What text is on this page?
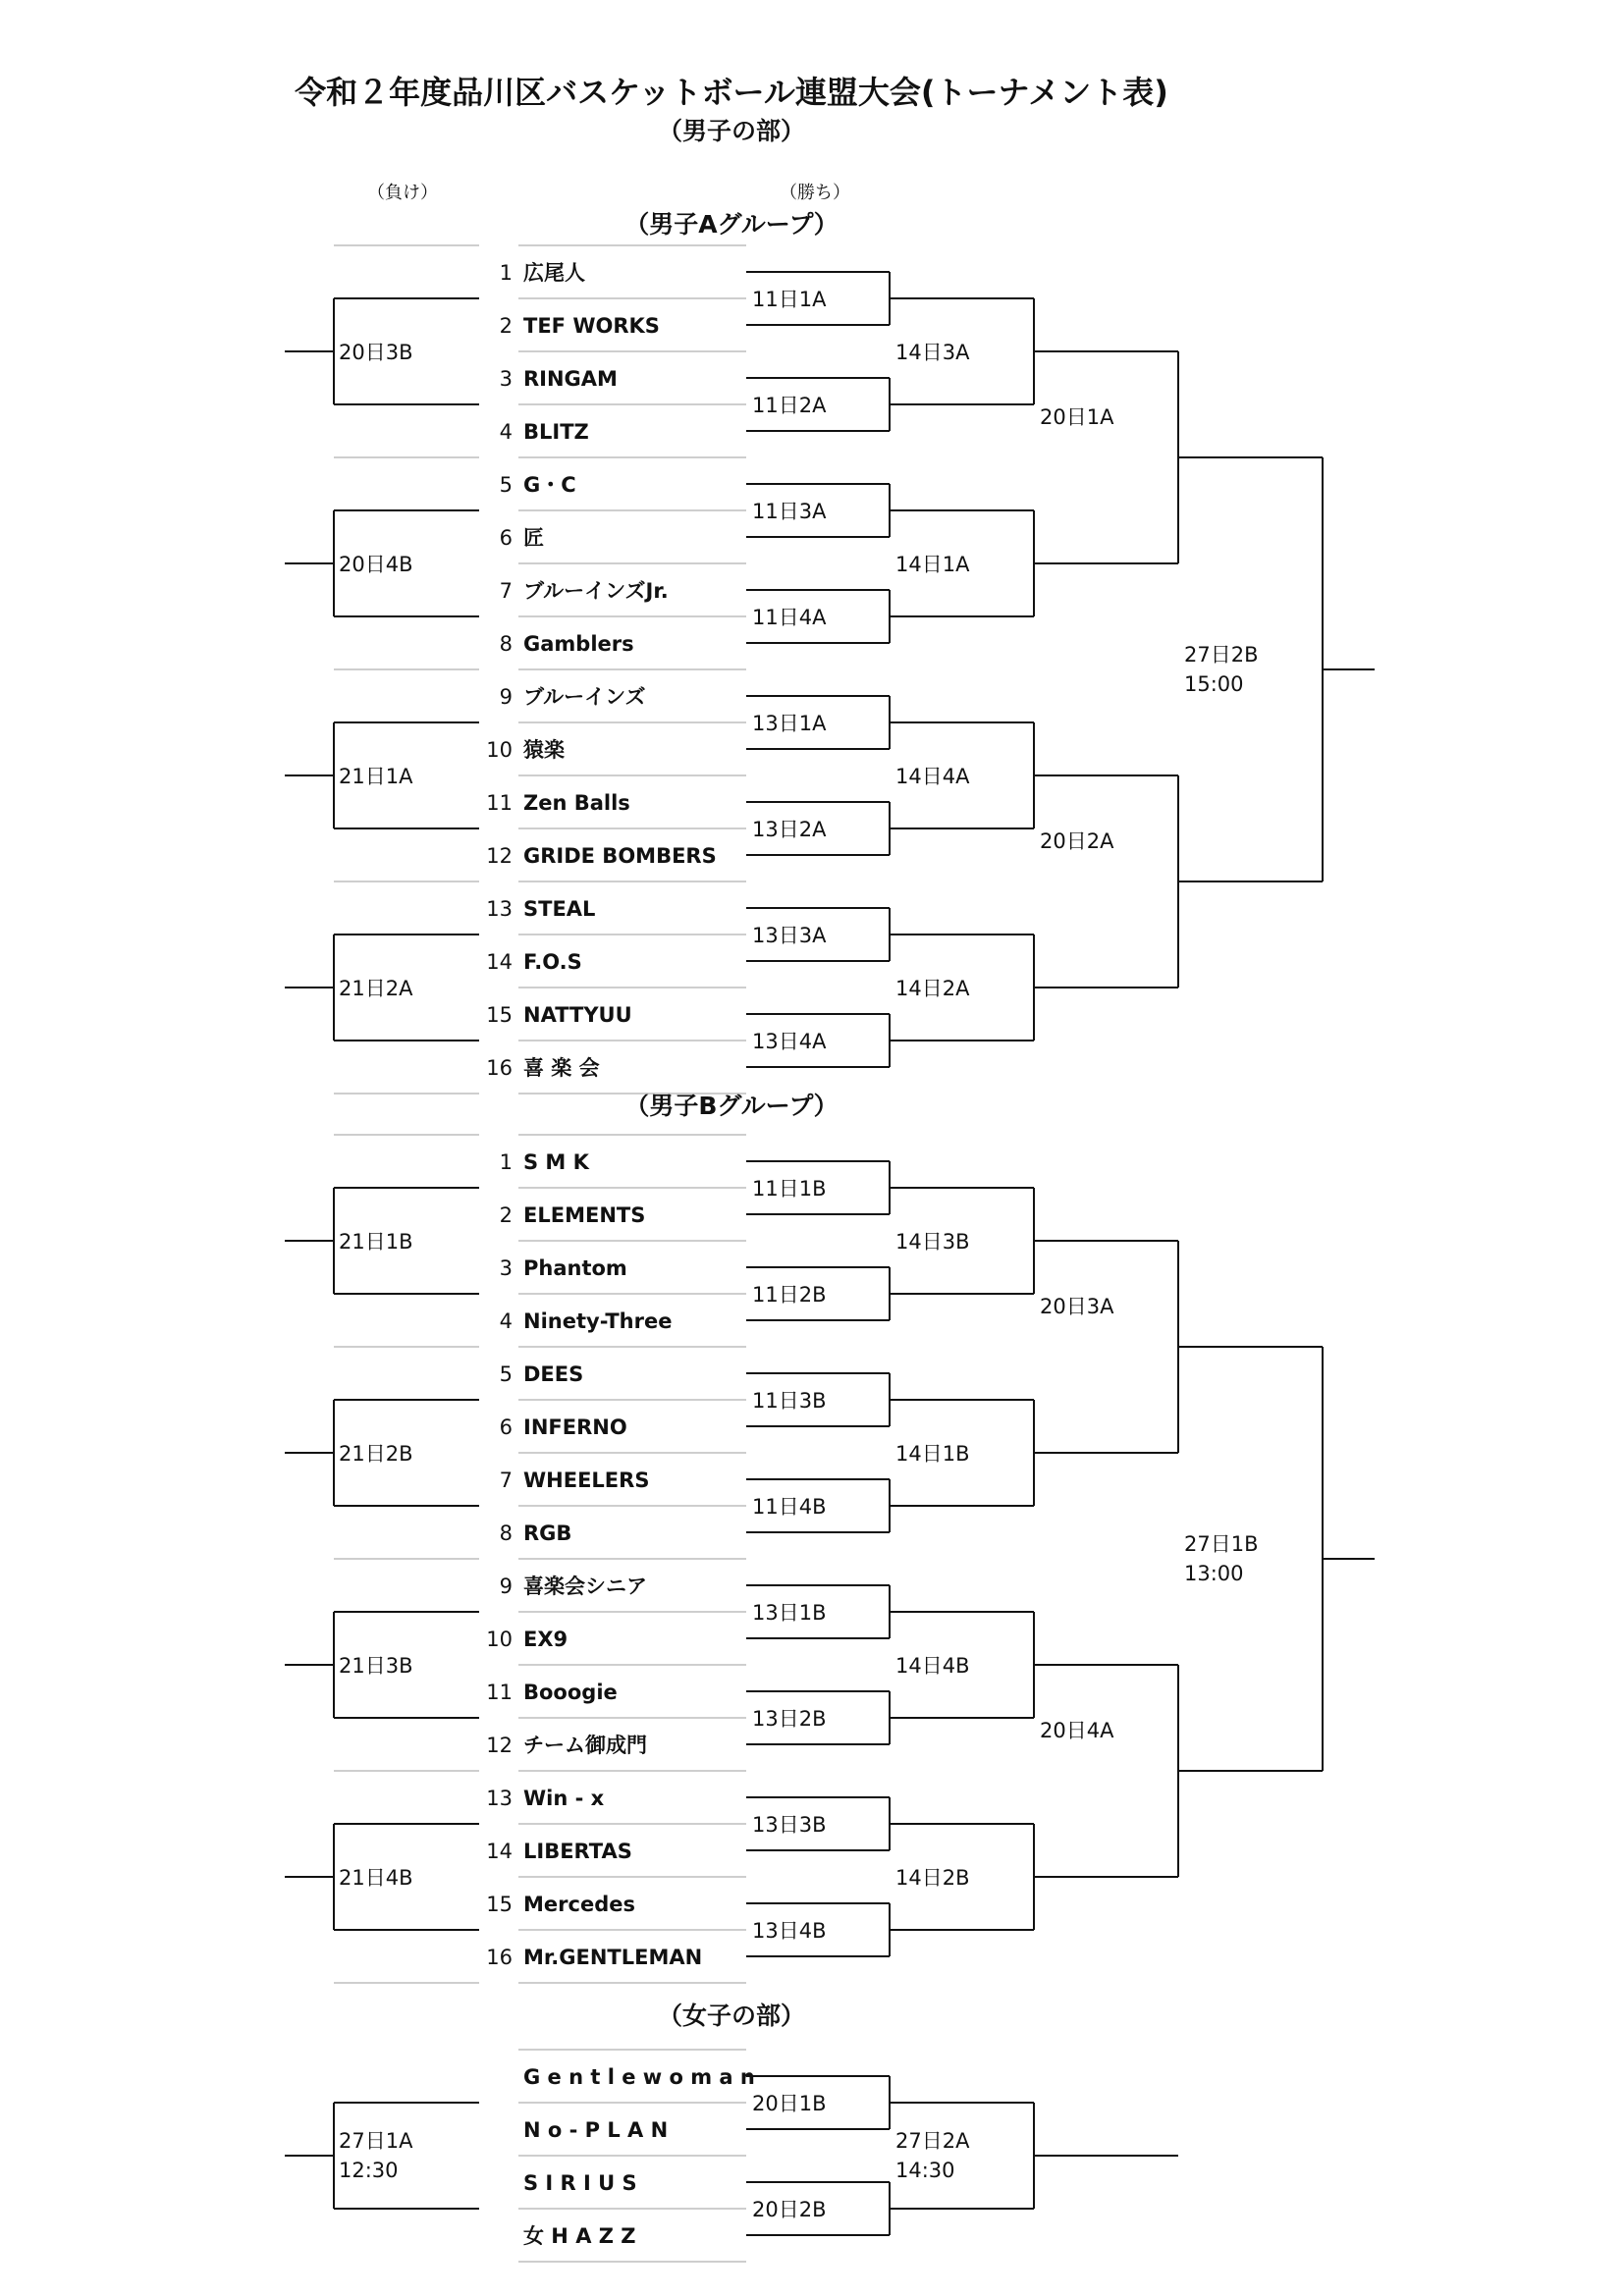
令和２年度品川区バスケットボール連盟大会(トーナメント表)
（男子の部）
（負け）	（勝ち）
（男子Aグループ）
（男子Bグループ）
（女子の部）
1 広尾人
2 TEF WORKS
3 RINGAM
4 BLITZ
5 G・C
6 匠
7 ブルーインズJr.
8 Gamblers
9 ブルーインズ
10 猿楽
11 Zen Balls
12 GRIDE BOMBERS
13 STEAL
14 F.O.S
15 NATTYUU
16 喜 楽 会
11日1A
11日2A
11日3A
11日4A
13日1A
13日2A
13日3A
13日4A
14日3A
14日1A
14日4A
14日2A
20日1A
20日2A
27日2B
15:00
20日3B
20日4B
21日1A
21日2A
1 S M K
2 ELEMENTS
3 Phantom
4 Ninety-Three
5 DEES
6 INFERNO
7 WHEELERS
8 RGB
9 喜楽会シニア
10 EX9
11 Booogie
12 チーム御成門
13 Win - x
14 LIBERTAS
15 Mercedes
16 Mr.GENTLEMAN
11日1B
11日2B
11日3B
11日4B
13日1B
13日2B
13日3B
13日4B
14日3B
14日1B
14日4B
14日2B
20日3A
20日4A
27日1B
13:00
21日1B
21日2B
21日3B
21日4B
G e n t l e w o m a n
N o - P L A N
S I R I U S
女 H A Z Z
20日1B
20日2B
27日2A
14:30
27日1A
12:30
